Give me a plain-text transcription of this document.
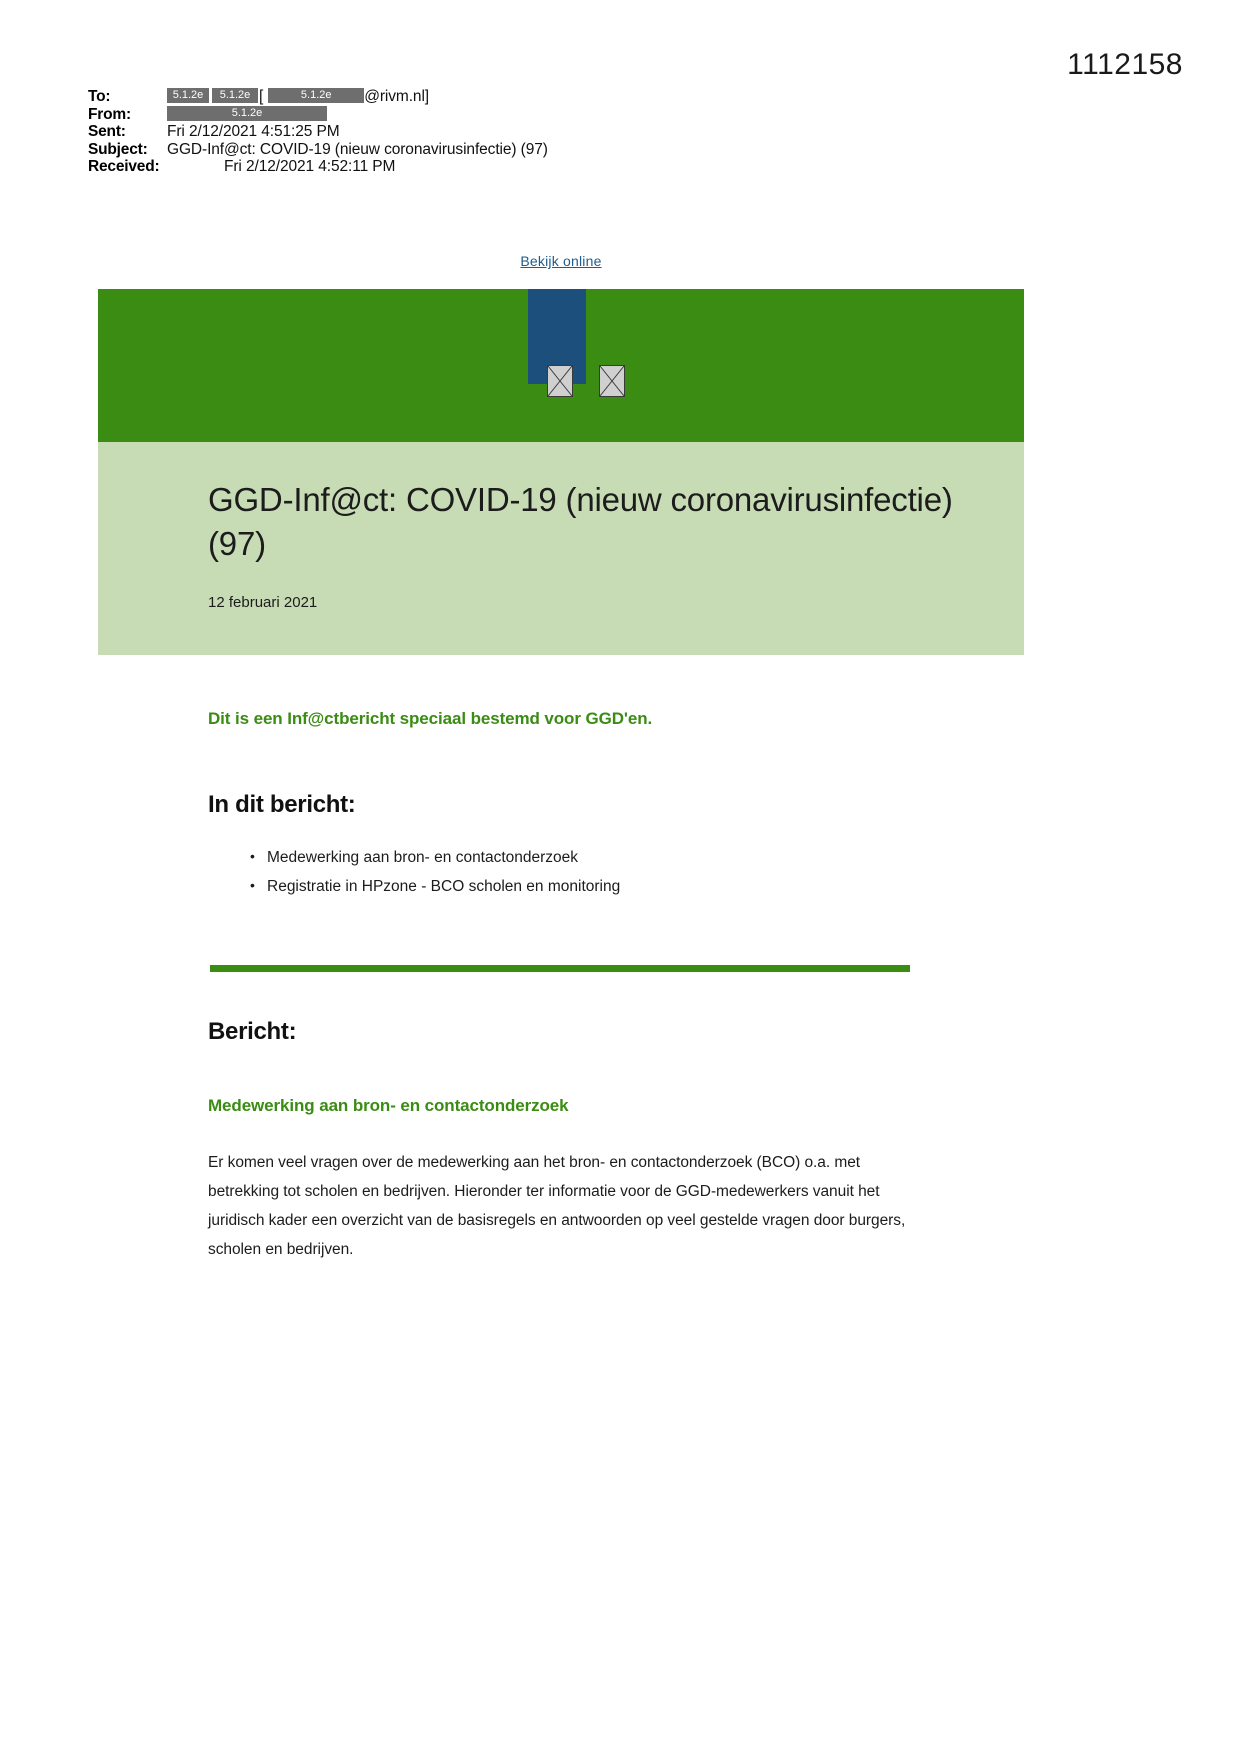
1112158
To:	5.1.2e 5.1.2e [	5.1.2e @rivm.nl]
From:	5.1.2e
Sent:	Fri 2/12/2021 4:51:25 PM
Subject:	GGD-Inf@ct: COVID-19 (nieuw coronavirusinfectie) (97)
Received:	Fri 2/12/2021 4:52:11 PM
Bekijk online
GGD-Inf@ct: COVID-19 (nieuw coronavirusinfectie) (97)
12 februari 2021

Dit is een Inf@ctbericht speciaal bestemd voor GGD'en.

In dit bericht:
• Medewerking aan bron- en contactonderzoek
• Registratie in HPzone - BCO scholen en monitoring
Bericht:
Medewerking aan bron- en contactonderzoek

Er komen veel vragen over de medewerking aan het bron- en contactonderzoek (BCO) o.a. met betrekking tot scholen en bedrijven. Hieronder ter informatie voor de GGD-medewerkers vanuit het juridisch kader een overzicht van de basisregels en antwoorden op veel gestelde vragen door burgers, scholen en bedrijven.
